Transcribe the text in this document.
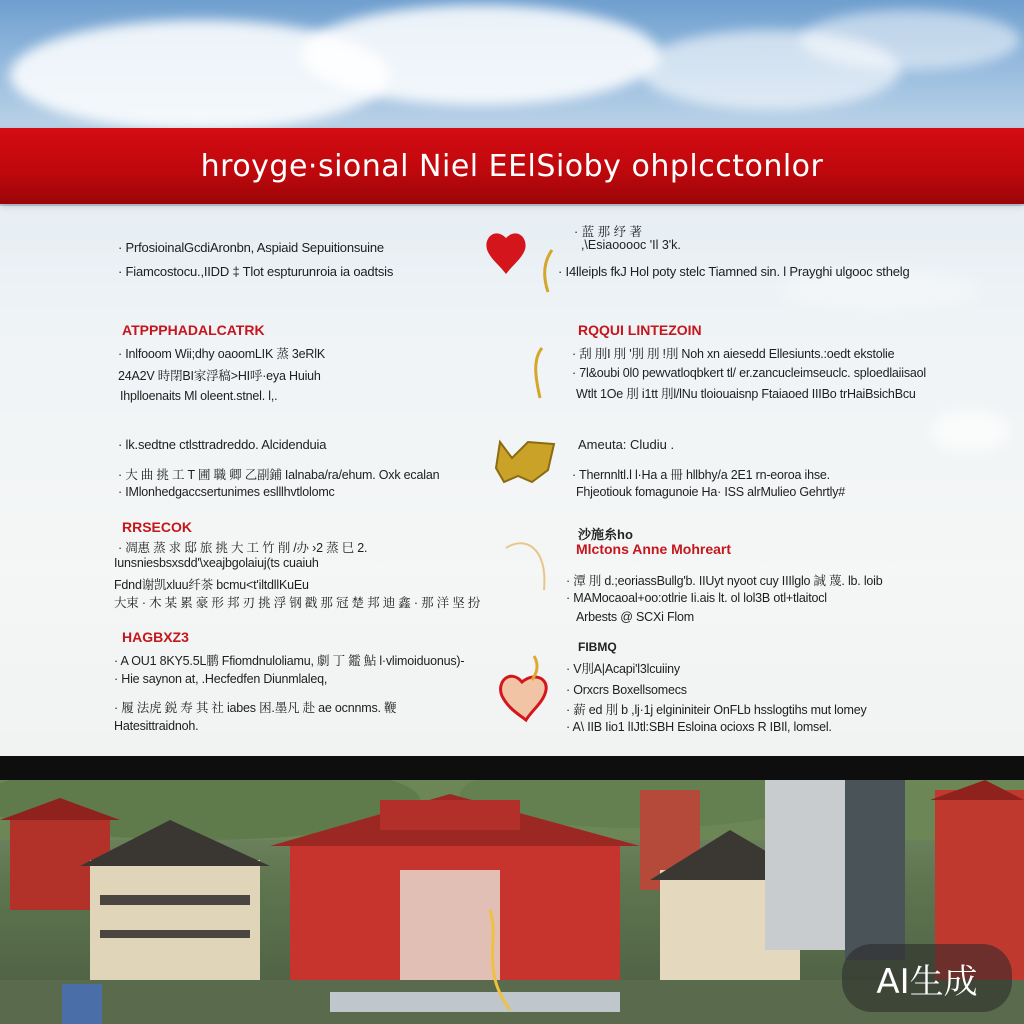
hroyge·sional Niel EElSioby ohplcctonlor
· PrfosioinalGcdiAronbn, Aspiaid Sepuitionsuine
· Fiamcostocu.,IIDD ‡ Tlot espturunroia ia oadtsis
ATPPPHADALCATRK
· Inlfooom Wii;dhy oaoomLIK 蒸 3eRlK
24A2V 時閉BI家浮稿>HI呼·eya Huiuh
Ihplloenaits Ml oleent.stnel. l,.
· lk.sedtne ctlsttradreddo. Alcidenduia
· 大 曲 挑 工 T 圃 職 卿 乙副鋪 Ialnaba/ra/ehum. Oxk ecalan
· IMlonhedgaccsertunimes eslllhvtlolomc
RRSECOK
· 凋惠 蒸 求 邸 旅 挑 大 工 竹 削 /办 ›2 蒸 巳 2.
Iunsniesbsxsdd'\xeajbgolaiuj(ts cuaiuh
Fdnd谢凯xluu纤茶 bcmu<t'iltdllKuEu
大束 · 木 某 累 豪 形 邦 刃 挑 浮 钢 戳 那 冠 楚 邦 迪 鑫 · 那 洋 坚 扮
HAGBXZ3
· A OU1 8KY5.5L鹏 Ffiomdnuloliamu, 劇 丁 鑑 鮎 l·vlimoiduonus)-
· Hie saynon at, .Hecfedfen Diunmlaleq,
· 履 法虎 鋭 寿 其 社 iabes 困.墨凡 赴 ae ocnnms. 鞭
Hatesittraidnoh.
· 蓝 那 纾 著
,\Esiaooooc 'Il 3'k.
· I4lleipls fkJ Hol poty stelc Tiamned sin. l Prayghi ulgooc sthelg
RQQUI LINTEZOIN
· 刮 刖I 刖 '刖 刖 !刖 Noh xn aiesedd Ellesiunts.:oedt ekstolie
· 7l&oubi 0l0 pewvatloqbkert tl/ er.zancucleimseuclc. sploedlaiisaol
Wtlt 1Oe 刖 i1tt 刖l/lNu tloiouaisnp Ftaiaoed IIIBo trHaiBsichBcu
Ameuta: Cludiu .
· Thernnltl.l l·Ha a 冊 hllbhy/a 2E1 rn-eoroa ihse.
Fhjeotiouk fomagunoie Ha· ISS alrMulieo Gehrtly#
沙施糸ho
Mlctons Anne Mohreart
· 潭 刖 d.;eoriassBullg'b. IIUyt nyoot cuy IIIlglo 誠 蔑. lb. loib
· MAMocaoal+oo:otlrie Ii.ais lt. ol lol3B otl+tlaitocl
Arbests @ SCXi Flom
FIBMQ
· V刖A|Acapi'l3lcuiiny
· Orxcrs Boxellsomecs
· 薪 ed 刖 b ,lj·1j elgininiteir OnFLb hsslogtihs mut lomey
· A\ IIB Iio1 lIJtl:SBH Esloina ocioxs R IBIl, lomsel.
AI生成
